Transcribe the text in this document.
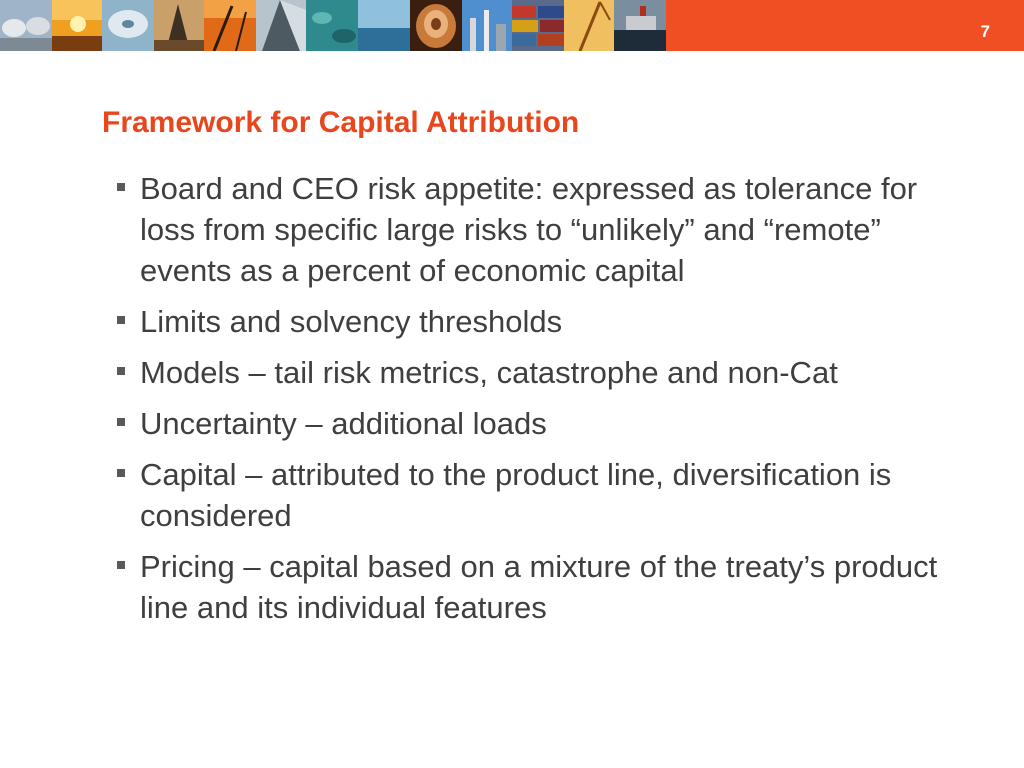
7
Framework for Capital Attribution
Board and CEO risk appetite: expressed as tolerance for loss from specific large risks to “unlikely” and “remote” events as a percent of economic capital
Limits and solvency thresholds
Models – tail risk metrics, catastrophe and non-Cat
Uncertainty – additional loads
Capital – attributed to the product line, diversification is considered
Pricing – capital based on a mixture of the treaty’s product line and its individual features
